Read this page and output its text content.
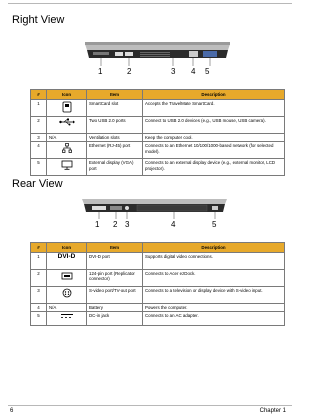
Right View
1	2	3 4 5
#	Icon	Item	Description
1		SmartCard slot	Accepts the TravelMate SmartCard.
2		Two USB 2.0 ports	Connect to USB 2.0 devices (e.g., USB mouse, USB camera).
3	N/A	Ventilation slots	Keep the computer cool.
4		Ethernet (RJ-45) port	Connects to an Ethernet 10/100/1000-based network (for selected model).
5		External display (VGA) port	Connects to an external display device (e.g., external monitor, LCD projector).
Rear View
1 2 3	4	5
#	Icon	Item	Description
1	DVI-D	DVI-D port	Supports digital video connections.
2		124-pin port (Replicator connector)	Connects to Acer ezDock.
3		S-video port/TV-out port	Connects to a television or display device with S-video input.
4	N/A	Battery	Powers the computer.
5		DC-in jack	Connects to an AC adapter.
6	Chapter 1
